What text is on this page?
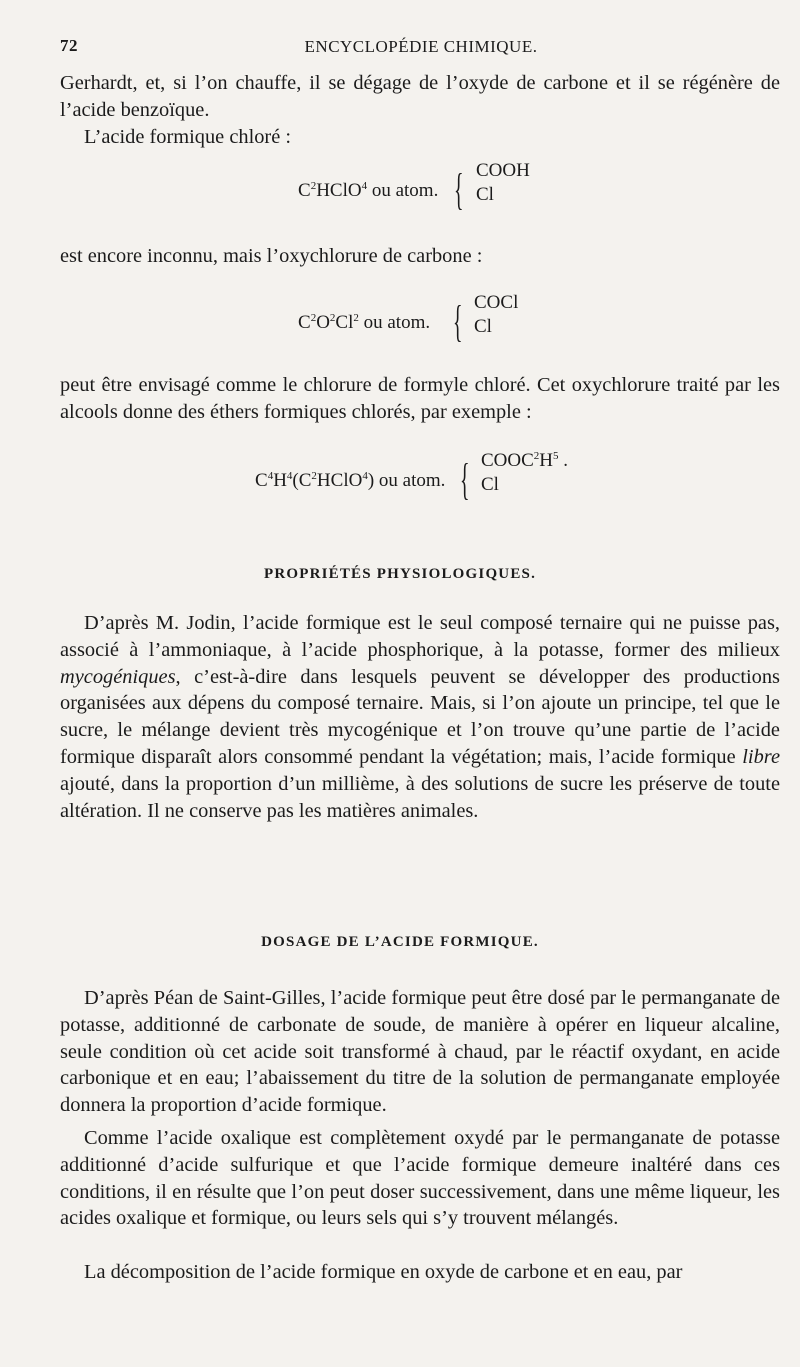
72	ENCYCLOPÉDIE CHIMIQUE.

Gerhardt, et, si l’on chauffe, il se dégage de l’oxyde de carbone et il se régénère de l’acide benzoïque.

L’acide formique chloré :

$C^2HClO^4$ ou atom. { COOH
Cl

est encore inconnu, mais l’oxychlorure de carbone :

$C^2O^2Cl^2$ ou atom. { COCl
Cl

peut être envisagé comme le chlorure de formyle chloré. Cet oxychlorure traité par les alcools donne des éthers formiques chlorés, par exemple :

$C^4H^4(C^2HClO^4)$ ou atom. { $COOC^2H^5$ .
Cl
PROPRIÉTÉS PHYSIOLOGIQUES.

D’après M. Jodin, l’acide formique est le seul composé ternaire qui ne puisse pas, associé à l’ammoniaque, à l’acide phosphorique, à la potasse, former des milieux mycogéniques, c’est-à-dire dans lesquels peuvent se développer des productions organisées aux dépens du composé ternaire. Mais, si l’on ajoute un principe, tel que le sucre, le mélange devient très mycogénique et l’on trouve qu’une partie de l’acide formique disparaît alors consommé pendant la végétation; mais, l’acide formique libre ajouté, dans la proportion d’un millième, à des solutions de sucre les préserve de toute altération. Il ne conserve pas les matières animales.

DOSAGE DE L’ACIDE FORMIQUE.

D’après Péan de Saint-Gilles, l’acide formique peut être dosé par le permanganate de potasse, additionné de carbonate de soude, de manière à opérer en liqueur alcaline, seule condition où cet acide soit transformé à chaud, par le réactif oxydant, en acide carbonique et en eau; l’abaissement du titre de la solution de permanganate employée donnera la proportion d’acide formique.

Comme l’acide oxalique est complètement oxydé par le permanganate de potasse additionné d’acide sulfurique et que l’acide formique demeure inaltéré dans ces conditions, il en résulte que l’on peut doser successivement, dans une même liqueur, les acides oxalique et formique, ou leurs sels qui s’y trouvent mélangés.

La décomposition de l’acide formique en oxyde de carbone et en eau, par
